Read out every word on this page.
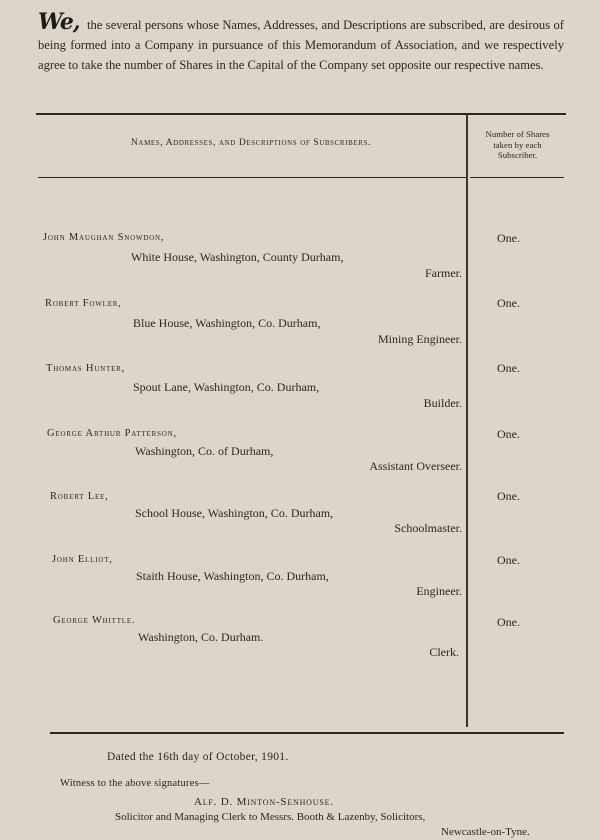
We, the several persons whose Names, Addresses, and Descriptions are subscribed, are desirous of being formed into a Company in pursuance of this Memorandum of Association, and we respectively agree to take the number of Shares in the Capital of the Company set opposite our respective names.
Names, Addresses, and Descriptions of Subscribers.
Number of Shares
taken by each
Subscriber.
John Maughan Snowdon,
White House, Washington, County Durham,
Farmer.
One.
Robert Fowler,
Blue House, Washington, Co. Durham,
Mining Engineer.
One.
Thomas Hunter,
Spout Lane, Washington, Co. Durham,
Builder.
One.
George Arthur Patterson,
Washington, Co. of Durham,
Assistant Overseer.
One.
Robert Lee,
School House, Washington, Co. Durham,
Schoolmaster.
One.
John Elliot,
Staith House, Washington, Co. Durham,
Engineer.
One.
George Whittle.
Washington, Co. Durham.
Clerk.
One.
Dated the 16th day of October, 1901.
Witness to the above signatures—
Alf. D. Minton-Senhouse.
Solicitor and Managing Clerk to Messrs. Booth & Lazenby, Solicitors,
Newcastle-on-Tyne.
